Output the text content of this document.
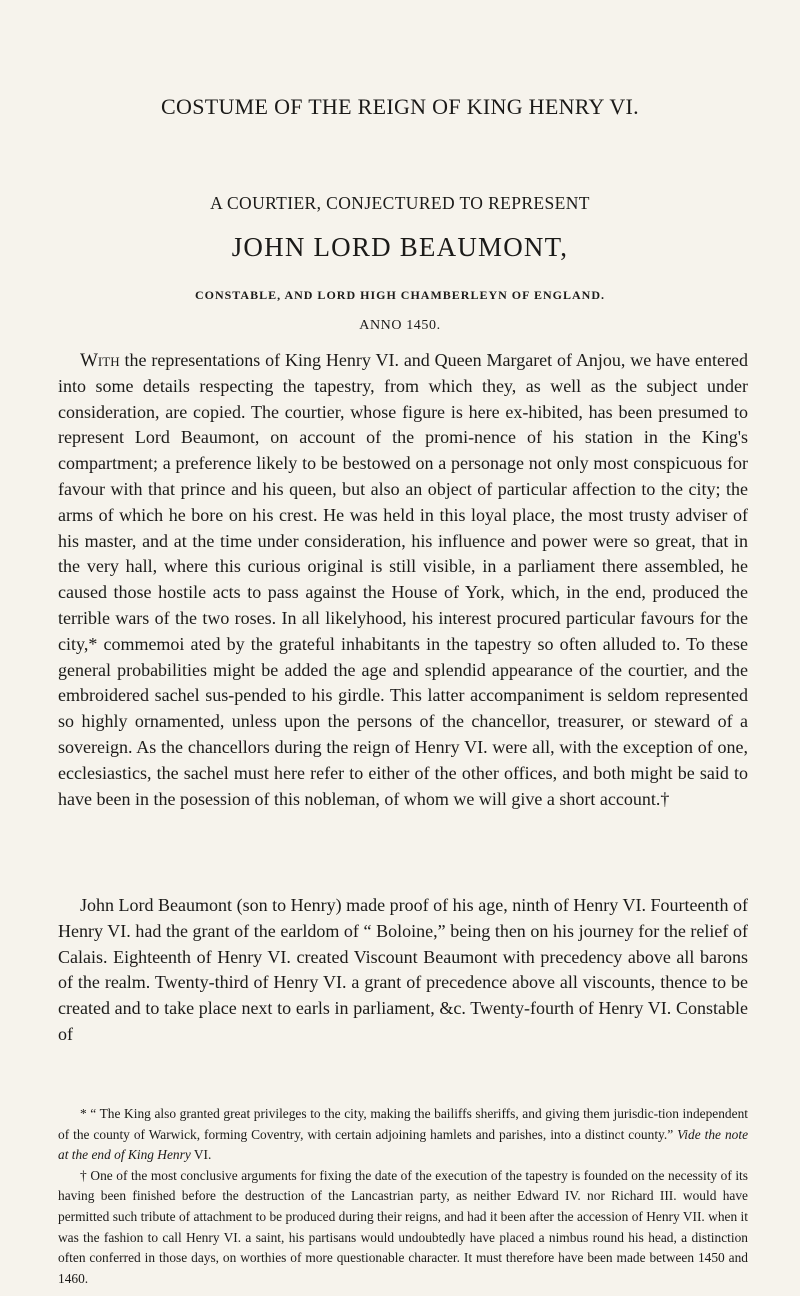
COSTUME OF THE REIGN OF KING HENRY VI.
A COURTIER, CONJECTURED TO REPRESENT
JOHN LORD BEAUMONT,
CONSTABLE, AND LORD HIGH CHAMBERLEYN OF ENGLAND.
ANNO 1450.

With the representations of King Henry VI. and Queen Margaret of Anjou, we have entered into some details respecting the tapestry, from which they, as well as the subject under consideration, are copied. The courtier, whose figure is here ex-hibited, has been presumed to represent Lord Beaumont, on account of the promi-nence of his station in the King's compartment; a preference likely to be bestowed on a personage not only most conspicuous for favour with that prince and his queen, but also an object of particular affection to the city; the arms of which he bore on his crest. He was held in this loyal place, the most trusty adviser of his master, and at the time under consideration, his influence and power were so great, that in the very hall, where this curious original is still visible, in a parliament there assembled, he caused those hostile acts to pass against the House of York, which, in the end, produced the terrible wars of the two roses. In all likelyhood, his interest procured particular favours for the city,* commemoi ated by the grateful inhabitants in the tapestry so often alluded to. To these general probabilities might be added the age and splendid appearance of the courtier, and the embroidered sachel sus-pended to his girdle. This latter accompaniment is seldom represented so highly ornamented, unless upon the persons of the chancellor, treasurer, or steward of a sovereign. As the chancellors during the reign of Henry VI. were all, with the exception of one, ecclesiastics, the sachel must here refer to either of the other offices, and both might be said to have been in the posession of this nobleman, of whom we will give a short account.†

John Lord Beaumont (son to Henry) made proof of his age, ninth of Henry VI. Fourteenth of Henry VI. had the grant of the earldom of “ Boloine,” being then on his journey for the relief of Calais. Eighteenth of Henry VI. created Viscount Beaumont with precedency above all barons of the realm. Twenty-third of Henry VI. a grant of precedence above all viscounts, thence to be created and to take place next to earls in parliament, &c. Twenty-fourth of Henry VI. Constable of

* “ The King also granted great privileges to the city, making the bailiffs sheriffs, and giving them jurisdic-tion independent of the county of Warwick, forming Coventry, with certain adjoining hamlets and parishes, into a distinct county.” Vide the note at the end of King Henry VI.

† One of the most conclusive arguments for fixing the date of the execution of the tapestry is founded on the necessity of its having been finished before the destruction of the Lancastrian party, as neither Edward IV. nor Richard III. would have permitted such tribute of attachment to be produced during their reigns, and had it been after the accession of Henry VII. when it was the fashion to call Henry VI. a saint, his partisans would undoubtedly have placed a nimbus round his head, a distinction often conferred in those days, on worthies of more questionable character. It must therefore have been made between 1450 and 1460.
